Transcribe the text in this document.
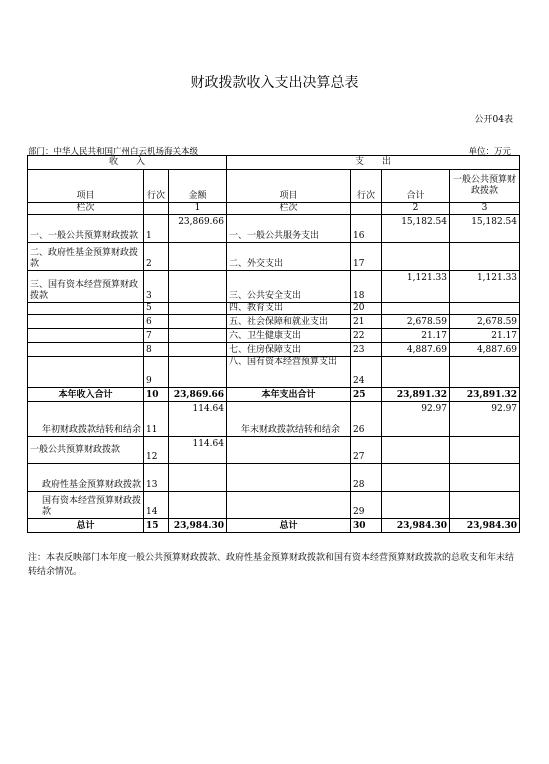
财政拨款收入支出决算总表
公开04表
部门：中华人民共和国广州白云机场海关本级	单位：万元
收　　入			支　　出			
项目	行次	金额	项目	行次	合计	一般公共预算财政拨款
栏次		1	栏次		2	3
一、一般公共预算财政拨款	1	23,869.66	一、一般公共服务支出	16	15,182.54	15,182.54
二、政府性基金预算财政拨款	2		二、外交支出	17		
三、国有资本经营预算财政拨款	3		三、公共安全支出	18	1,121.33	1,121.33
	5		四、教育支出	20		
	6		五、社会保障和就业支出	21	2,678.59	2,678.59
	7		六、卫生健康支出	22	21.17	21.17
	8		七、住房保障支出	23	4,887.69	4,887.69
	9		八、国有资本经营预算支出	24		
本年收入合计	10	23,869.66	本年支出合计	25	23,891.32	23,891.32
年初财政拨款结转和结余	11	114.64	年末财政拨款结转和结余	26	92.97	92.97
一般公共预算财政拨款	12	114.64		27		
政府性基金预算财政拨款	13			28		
国有资本经营预算财政拨款	14			29		
总计	15	23,984.30	总计	30	23,984.30	23,984.30
注：本表反映部门本年度一般公共预算财政拨款、政府性基金预算财政拨款和国有资本经营预算财政拨款的总收支和年末结转结余情况。
